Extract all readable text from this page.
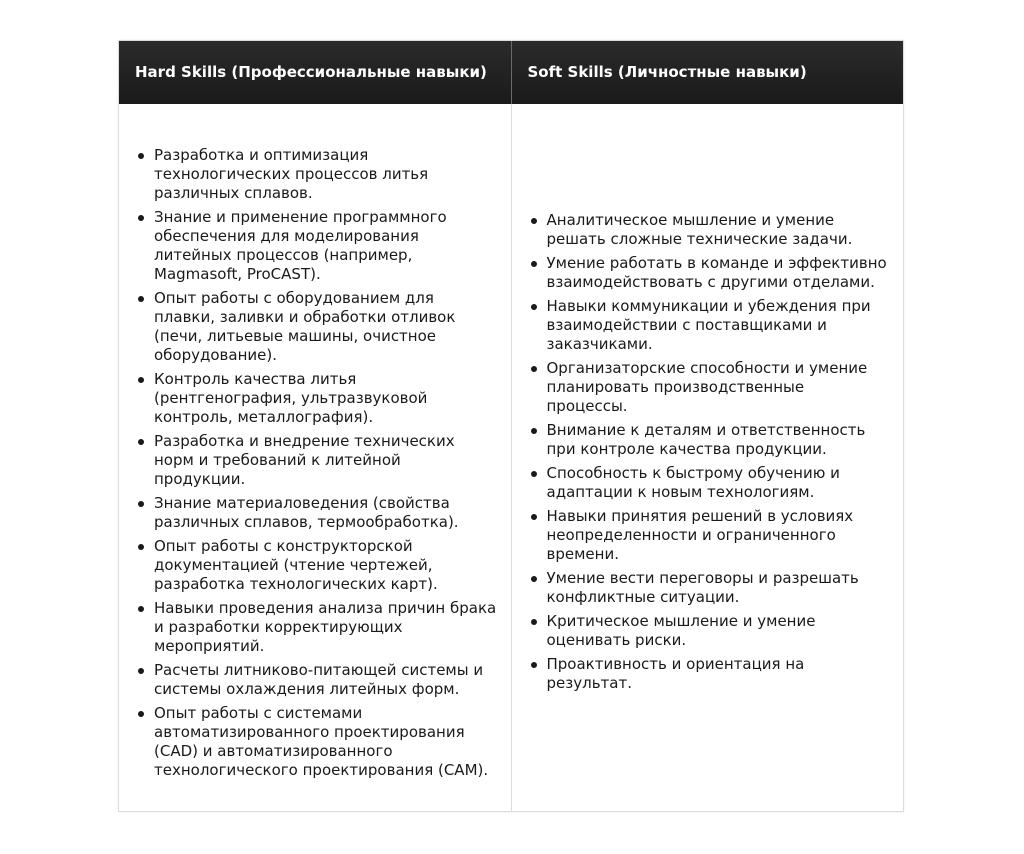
Hard Skills (Профессиональные навыки)	Soft Skills (Личностные навыки)
Разработка и оптимизация технологических процессов литья различных сплавов.
Знание и применение программного обеспечения для моделирования литейных процессов (например, Magmasoft, ProCAST).
Опыт работы с оборудованием для плавки, заливки и обработки отливок (печи, литьевые машины, очистное оборудование).
Контроль качества литья (рентгенография, ультразвуковой контроль, металлография).
Разработка и внедрение технических норм и требований к литейной продукции.
Знание материаловедения (свойства различных сплавов, термообработка).
Опыт работы с конструкторской документацией (чтение чертежей, разработка технологических карт).
Навыки проведения анализа причин брака и разработки корректирующих мероприятий.
Расчеты литниково-питающей системы и системы охлаждения литейных форм.
Опыт работы с системами автоматизированного проектирования (CAD) и автоматизированного технологического проектирования (CAM).
Аналитическое мышление и умение решать сложные технические задачи.
Умение работать в команде и эффективно взаимодействовать с другими отделами.
Навыки коммуникации и убеждения при взаимодействии с поставщиками и заказчиками.
Организаторские способности и умение планировать производственные процессы.
Внимание к деталям и ответственность при контроле качества продукции.
Способность к быстрому обучению и адаптации к новым технологиям.
Навыки принятия решений в условиях неопределенности и ограниченного времени.
Умение вести переговоры и разрешать конфликтные ситуации.
Критическое мышление и умение оценивать риски.
Проактивность и ориентация на результат.
